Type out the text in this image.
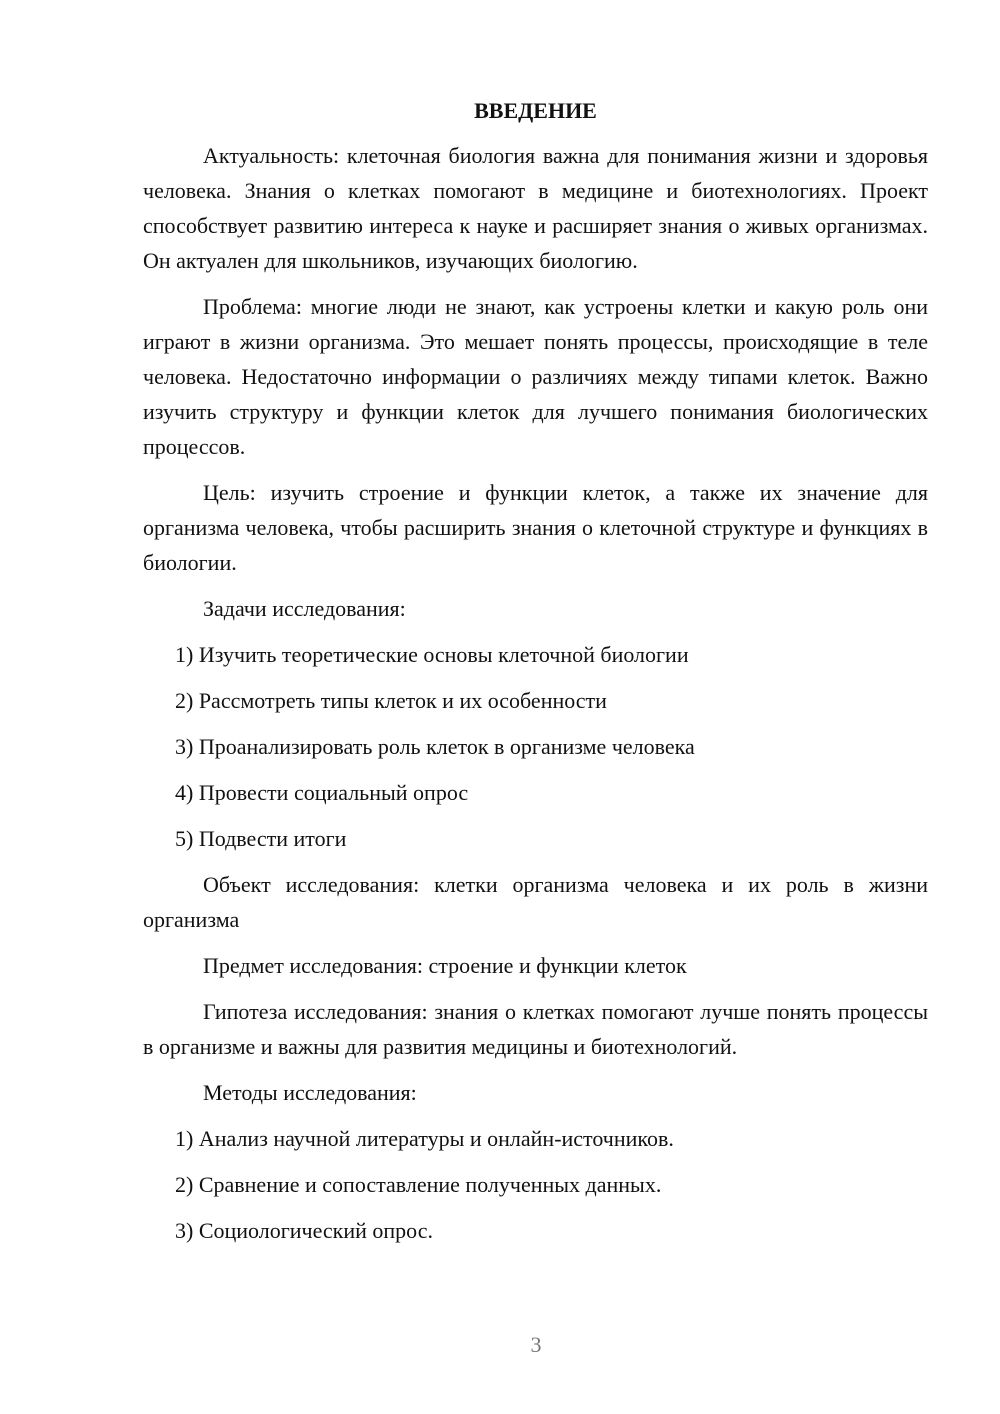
ВВЕДЕНИЕ

Актуальность: клеточная биология важна для понимания жизни и здоровья человека. Знания о клетках помогают в медицине и биотехнологиях. Проект способствует развитию интереса к науке и расширяет знания о живых организмах. Он актуален для школьников, изучающих биологию.

Проблема: многие люди не знают, как устроены клетки и какую роль они играют в жизни организма. Это мешает понять процессы, происходящие в теле человека. Недостаточно информации о различиях между типами клеток. Важно изучить структуру и функции клеток для лучшего понимания биологических процессов.

Цель: изучить строение и функции клеток, а также их значение для организма человека, чтобы расширить знания о клеточной структуре и функциях в биологии.

Задачи исследования:
1) Изучить теоретические основы клеточной биологии
2) Рассмотреть типы клеток и их особенности
3) Проанализировать роль клеток в организме человека
4) Провести социальный опрос
5) Подвести итоги

Объект исследования: клетки организма человека и их роль в жизни организма

Предмет исследования: строение и функции клеток

Гипотеза исследования: знания о клетках помогают лучше понять процессы в организме и важны для развития медицины и биотехнологий.

Методы исследования:
1) Анализ научной литературы и онлайн-источников.
2) Сравнение и сопоставление полученных данных.
3) Социологический опрос.
3
